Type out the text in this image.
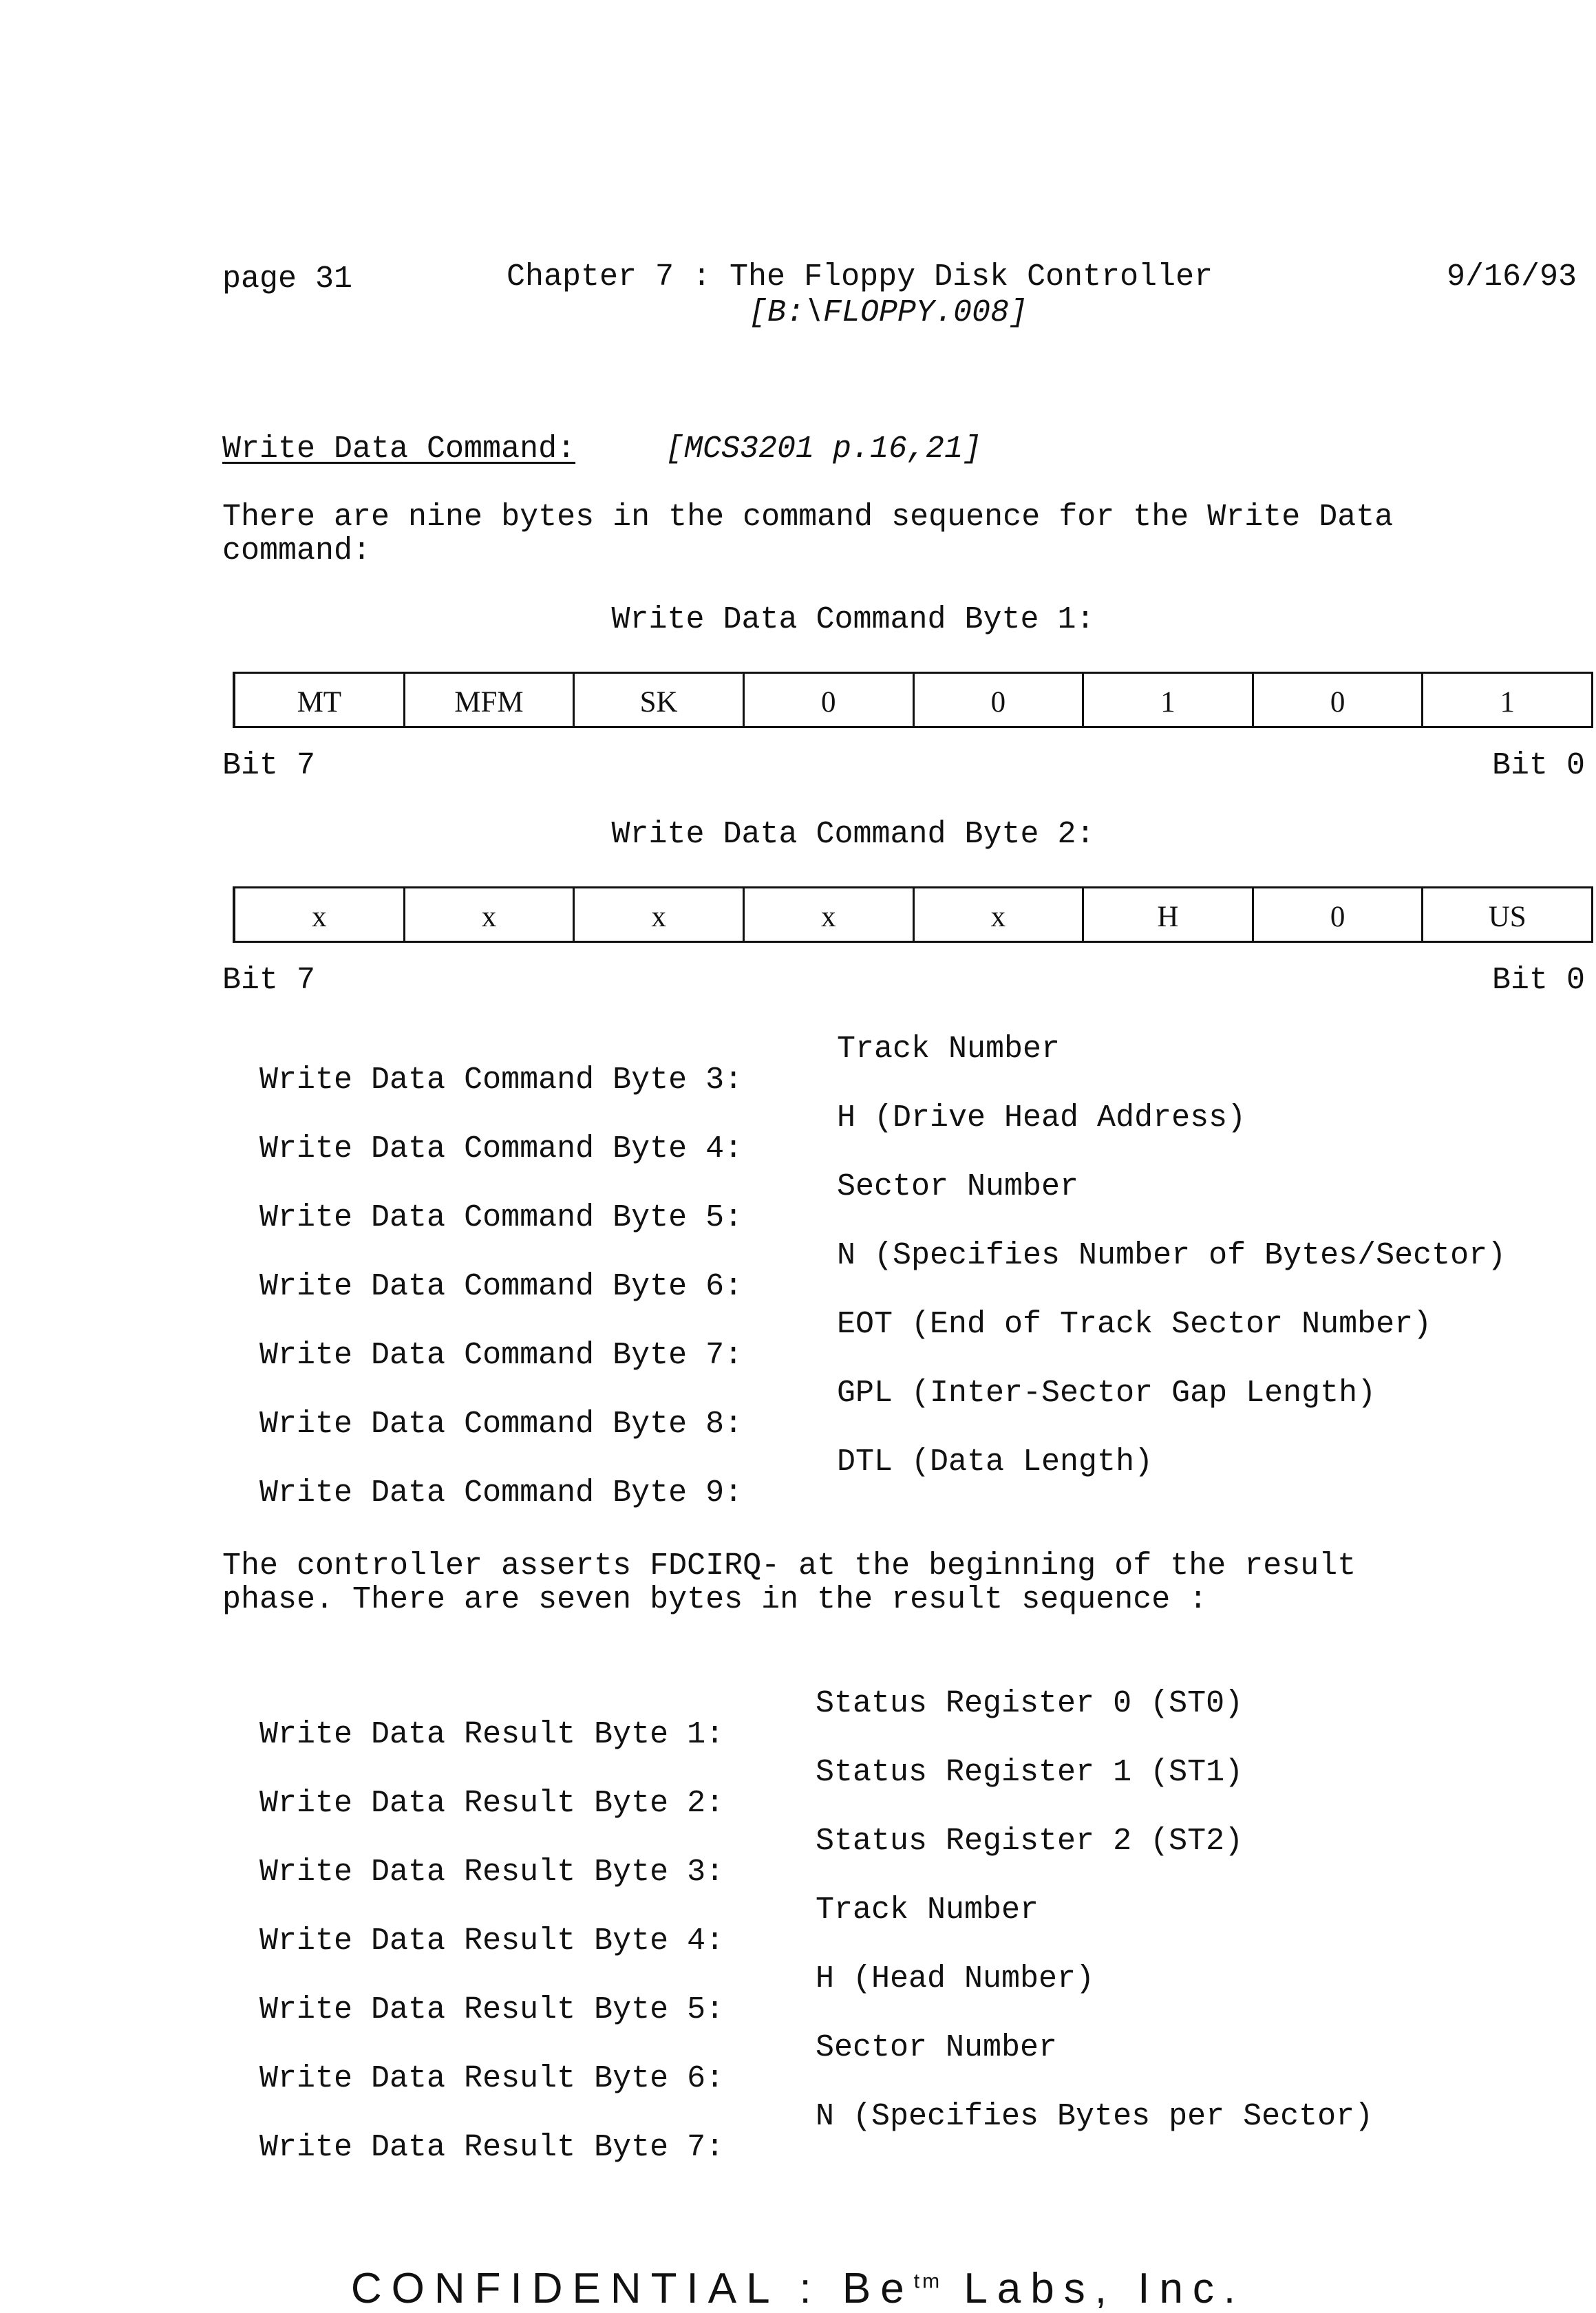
page 31	Chapter 7 : The Floppy Disk Controller	9/16/93
[B:\FLOPPY.008]
Write Data Command:	[MCS3201 p.16,21]
There are nine bytes in the command sequence for the Write Data
command:
Write Data Command Byte 1:
MT	MFM	SK	0	0	1	0	1
Bit 7	Bit 0
Write Data Command Byte 2:
x	x	x	x	x	H	0	US
Bit 7	Bit 0

Write Data Command Byte 3:

Track Number

Write Data Command Byte 4:

H (Drive Head Address)

Write Data Command Byte 5:

Sector Number

Write Data Command Byte 6:

N (Specifies Number of Bytes/Sector)

Write Data Command Byte 7:

EOT (End of Track Sector Number)

Write Data Command Byte 8:

GPL (Inter-Sector Gap Length)

Write Data Command Byte 9:

DTL (Data Length)

The controller asserts FDCIRQ- at the beginning of the result
phase. There are seven bytes in the result sequence :

Write Data Result Byte 1:

Status Register 0 (ST0)

Write Data Result Byte 2:

Status Register 1 (ST1)

Write Data Result Byte 3:

Status Register 2 (ST2)

Write Data Result Byte 4:

Track Number

Write Data Result Byte 5:

H (Head Number)

Write Data Result Byte 6:

Sector Number

Write Data Result Byte 7:

N (Specifies Bytes per Sector)

CONFIDENTIAL : $Be^{tm}$ Labs, Inc.
